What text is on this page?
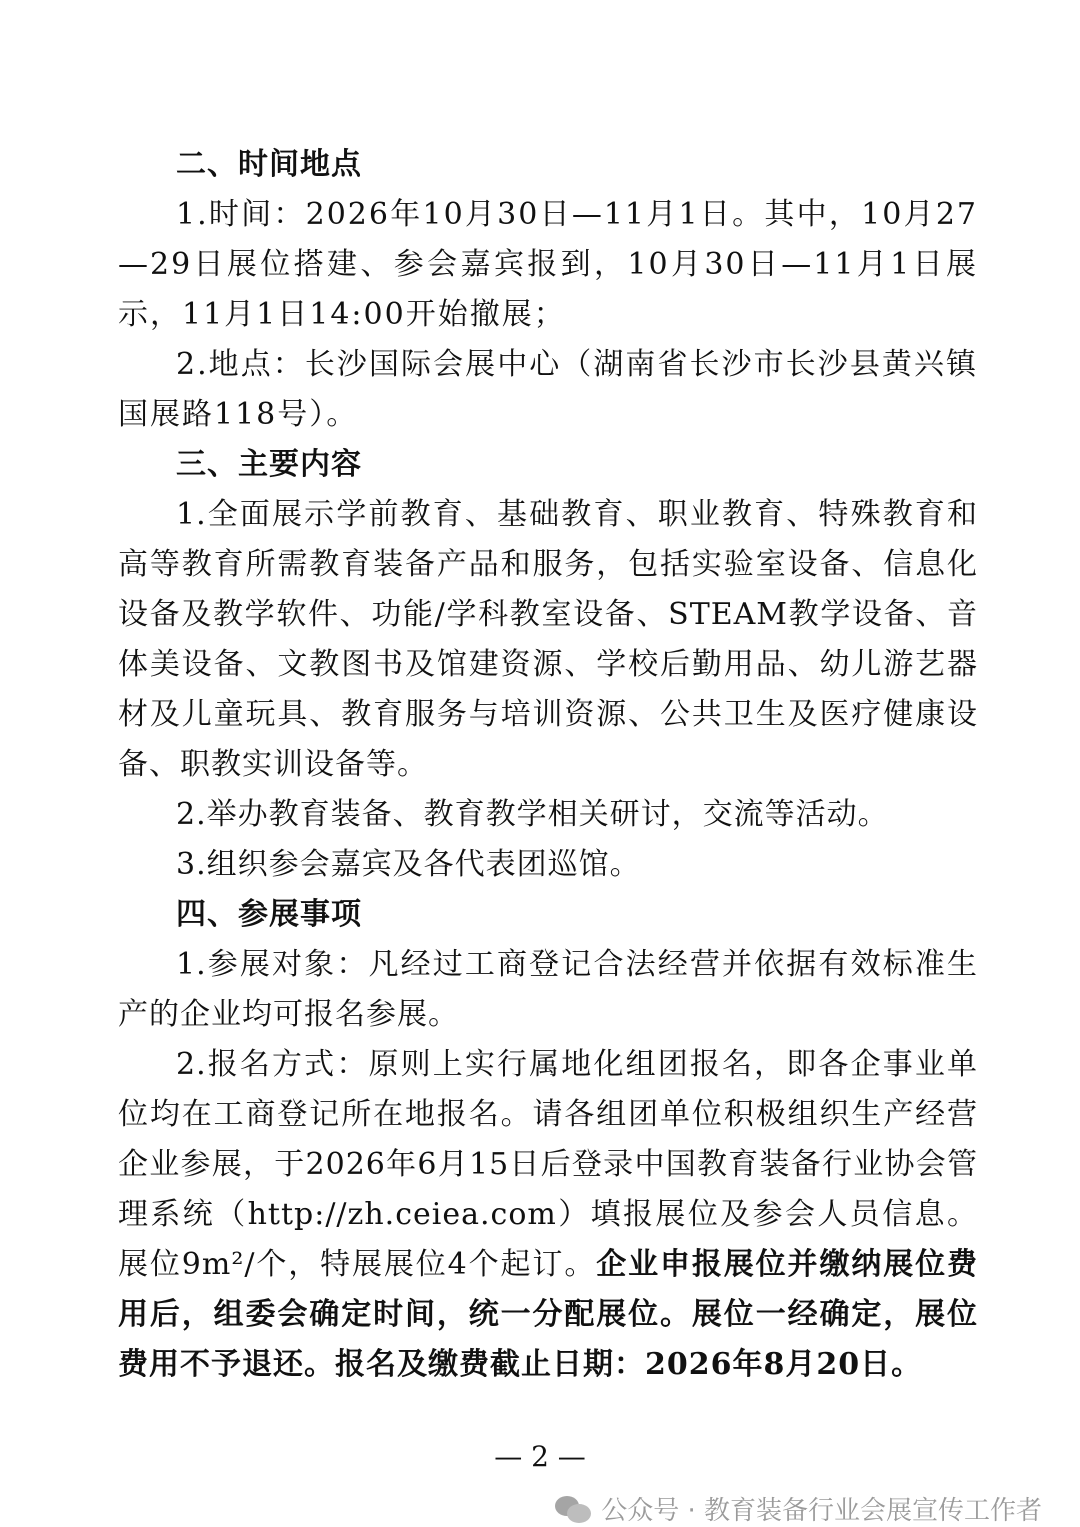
二、时间地点

1.时间：2026年10月30日—11月1日。其中，10月27—29日展位搭建、参会嘉宾报到，10月30日—11月1日展示，11月1日14:00开始撤展；

2.地点：长沙国际会展中心（湖南省长沙市长沙县黄兴镇国展路118号）。

三、主要内容

1.全面展示学前教育、基础教育、职业教育、特殊教育和高等教育所需教育装备产品和服务，包括实验室设备、信息化设备及教学软件、功能/学科教室设备、STEAM教学设备、音体美设备、文教图书及馆建资源、学校后勤用品、幼儿游艺器材及儿童玩具、教育服务与培训资源、公共卫生及医疗健康设备、职教实训设备等。

2.举办教育装备、教育教学相关研讨，交流等活动。

3.组织参会嘉宾及各代表团巡馆。

四、参展事项

1.参展对象：凡经过工商登记合法经营并依据有效标准生产的企业均可报名参展。

2.报名方式：原则上实行属地化组团报名，即各企事业单位均在工商登记所在地报名。请各组团单位积极组织生产经营企业参展，于2026年6月15日后登录中国教育装备行业协会管理系统（http://zh.ceiea.com）填报展位及参会人员信息。展位9m²/个，特展展位4个起订。企业申报展位并缴纳展位费用后，组委会确定时间，统一分配展位。展位一经确定，展位费用不予退还。报名及缴费截止日期：2026年8月20日。

— 2 —
公众号 · 教育装备行业会展宣传工作者
